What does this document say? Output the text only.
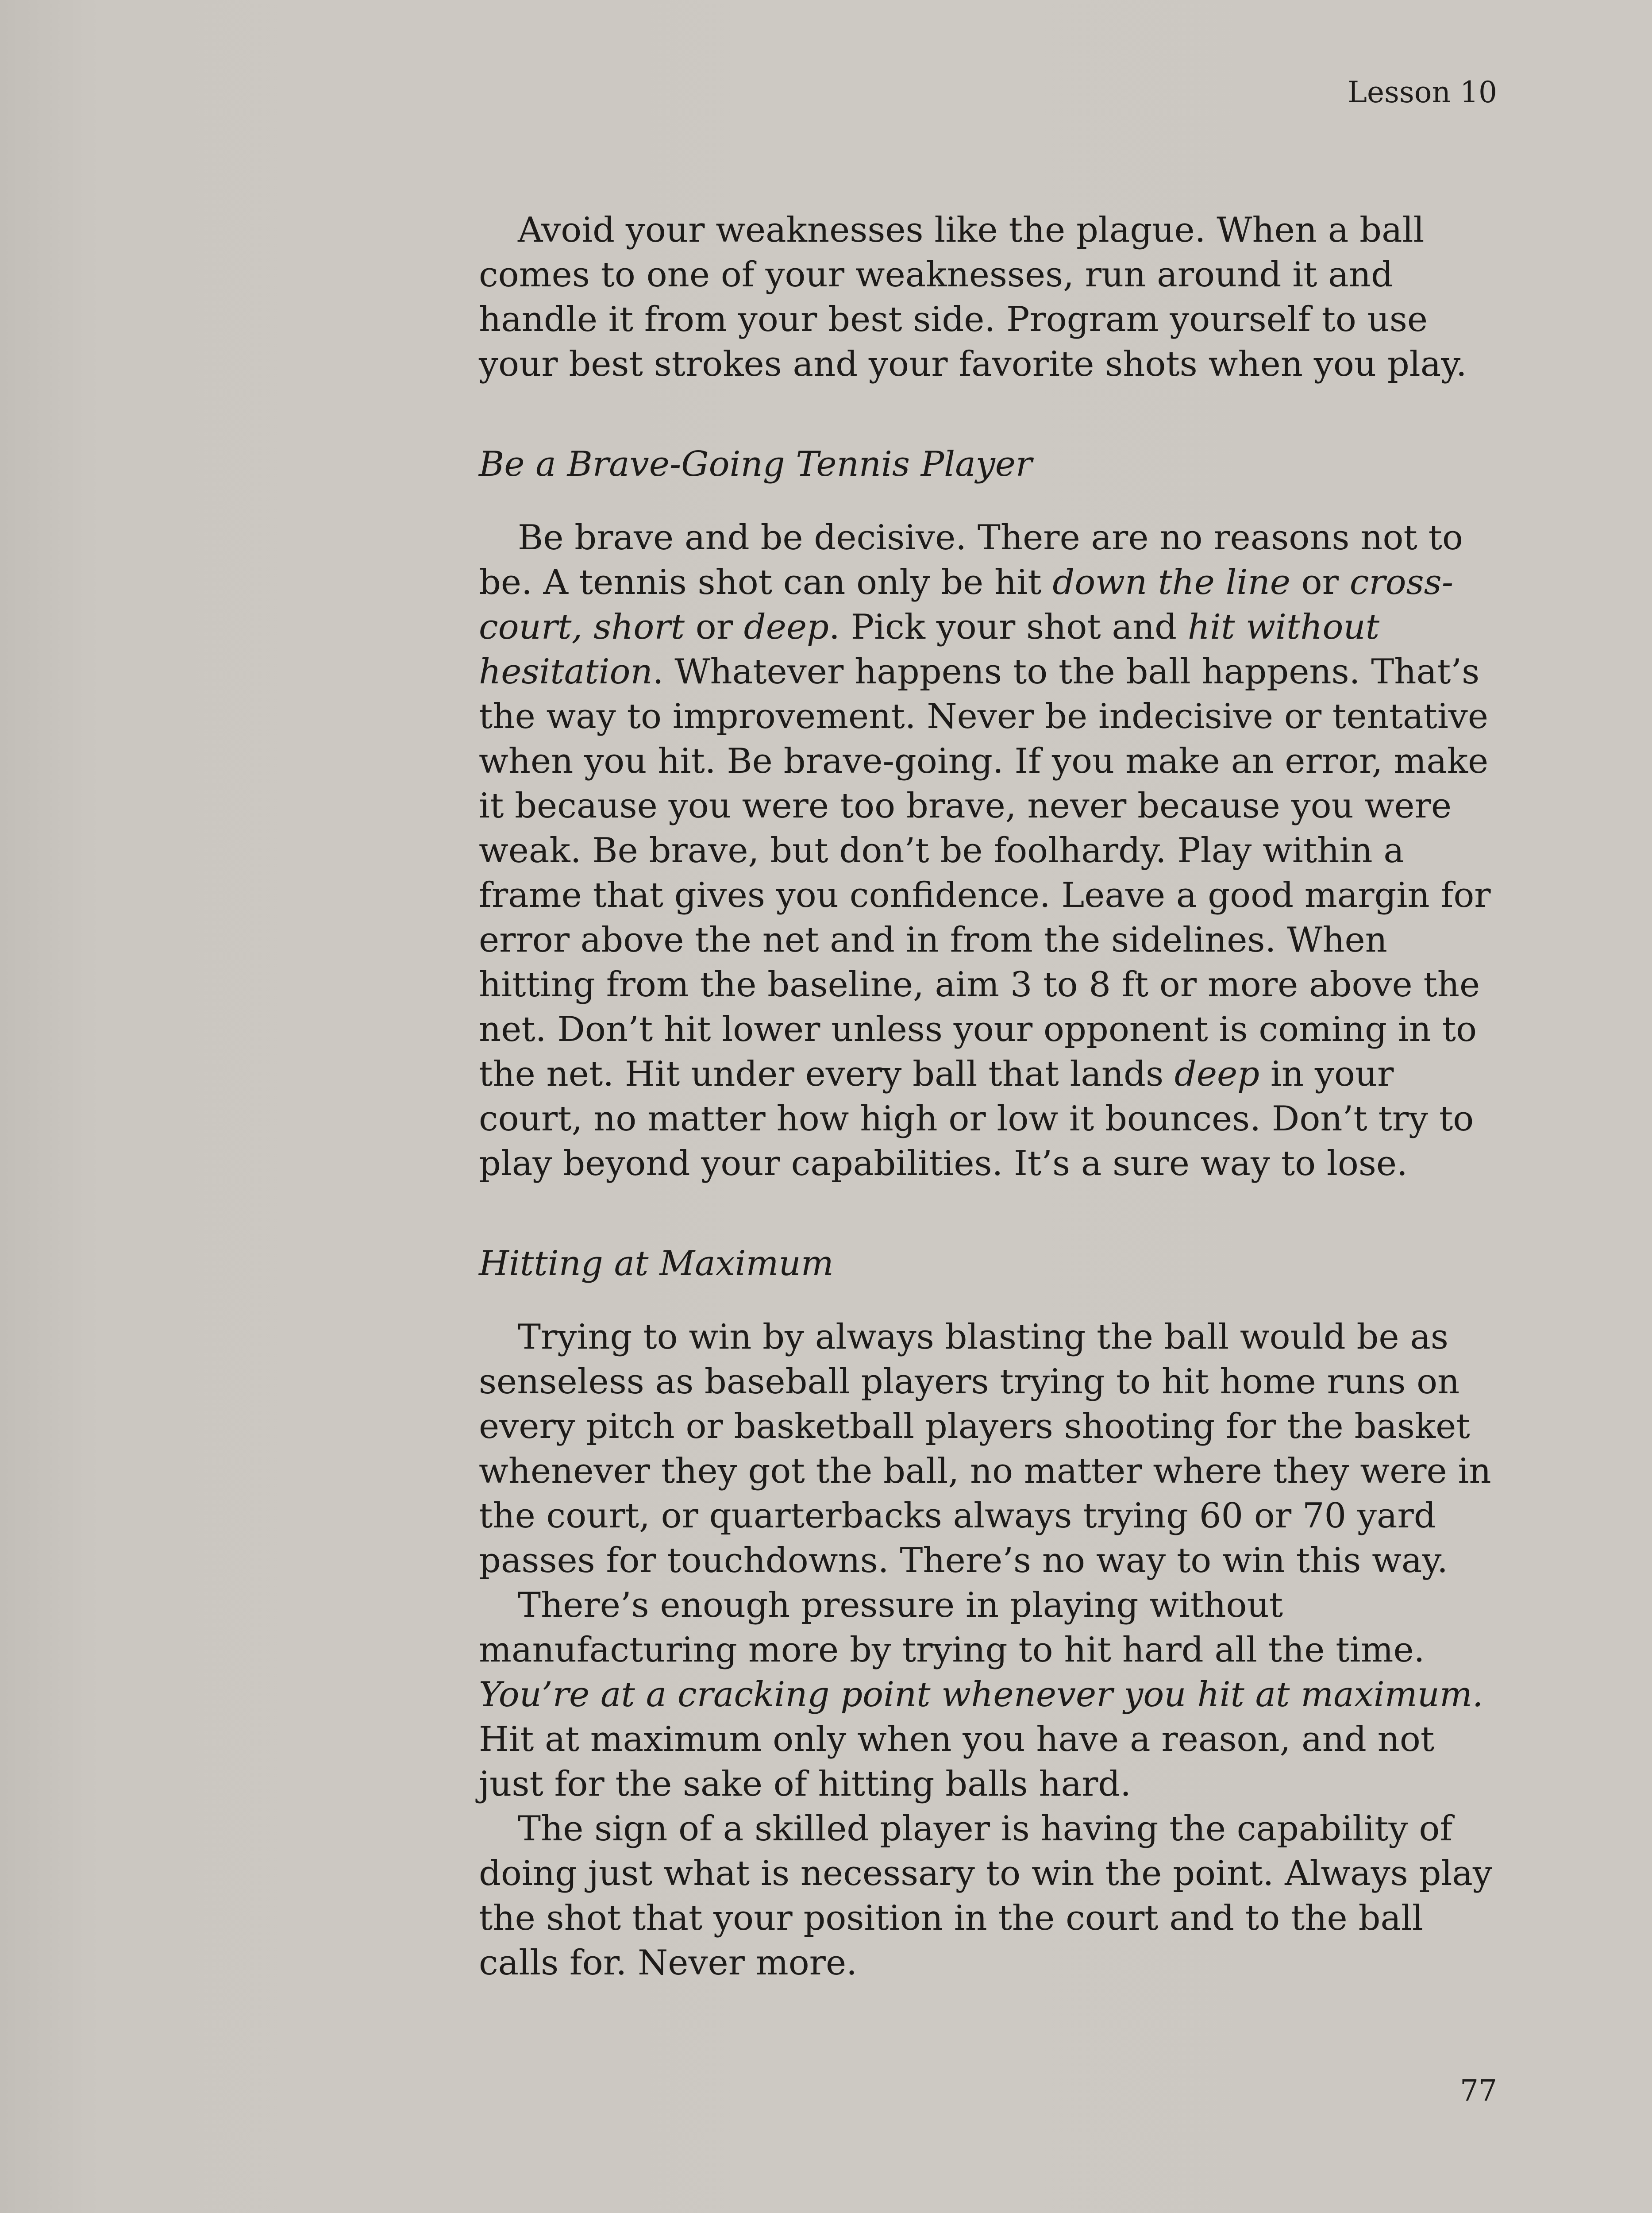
Lesson 10

Avoid your weaknesses like the plague. When a ball comes to one of your weaknesses, run around it and handle it from your best side. Program yourself to use your best strokes and your favorite shots when you play.

Be a Brave-Going Tennis Player

Be brave and be decisive. There are no reasons not to be. A tennis shot can only be hit down the line or cross-court, short or deep. Pick your shot and hit without hesitation. Whatever happens to the ball happens. That’s the way to improvement. Never be indecisive or tentative when you hit. Be brave-going. If you make an error, make it because you were too brave, never because you were weak. Be brave, but don’t be foolhardy. Play within a frame that gives you confidence. Leave a good margin for error above the net and in from the sidelines. When hitting from the baseline, aim 3 to 8 ft or more above the net. Don’t hit lower unless your opponent is coming in to the net. Hit under every ball that lands deep in your court, no matter how high or low it bounces. Don’t try to play beyond your capabilities. It’s a sure way to lose.

Hitting at Maximum

Trying to win by always blasting the ball would be as senseless as baseball players trying to hit home runs on every pitch or basketball players shooting for the basket whenever they got the ball, no matter where they were in the court, or quarterbacks always trying 60 or 70 yard passes for touchdowns. There’s no way to win this way.

There’s enough pressure in playing without manufacturing more by trying to hit hard all the time. You’re at a cracking point whenever you hit at maximum. Hit at maximum only when you have a reason, and not just for the sake of hitting balls hard.

The sign of a skilled player is having the capability of doing just what is necessary to win the point. Always play the shot that your position in the court and to the ball calls for. Never more.

77
